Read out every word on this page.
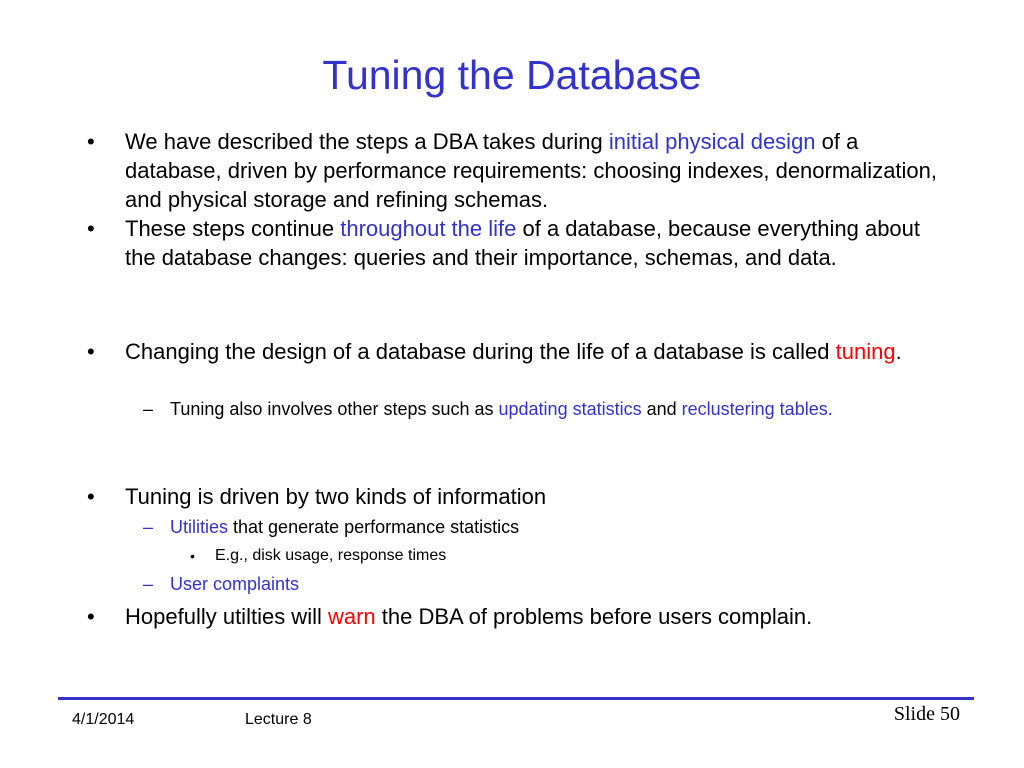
Tuning the Database
• We have described the steps a DBA takes during initial physical design of a database, driven by performance requirements: choosing indexes, denormalization, and physical storage and refining schemas.
• These steps continue throughout the life of a database, because everything about the database changes: queries and their importance, schemas, and data.
• Changing the design of a database during the life of a database is called tuning.
– Tuning also involves other steps such as updating statistics and reclustering tables.
• Tuning is driven by two kinds of information
– Utilities that generate performance statistics
• E.g., disk usage, response times
– User complaints
• Hopefully utilties will warn the DBA of problems before users complain.
4/1/2014	Lecture 8	Slide 50
